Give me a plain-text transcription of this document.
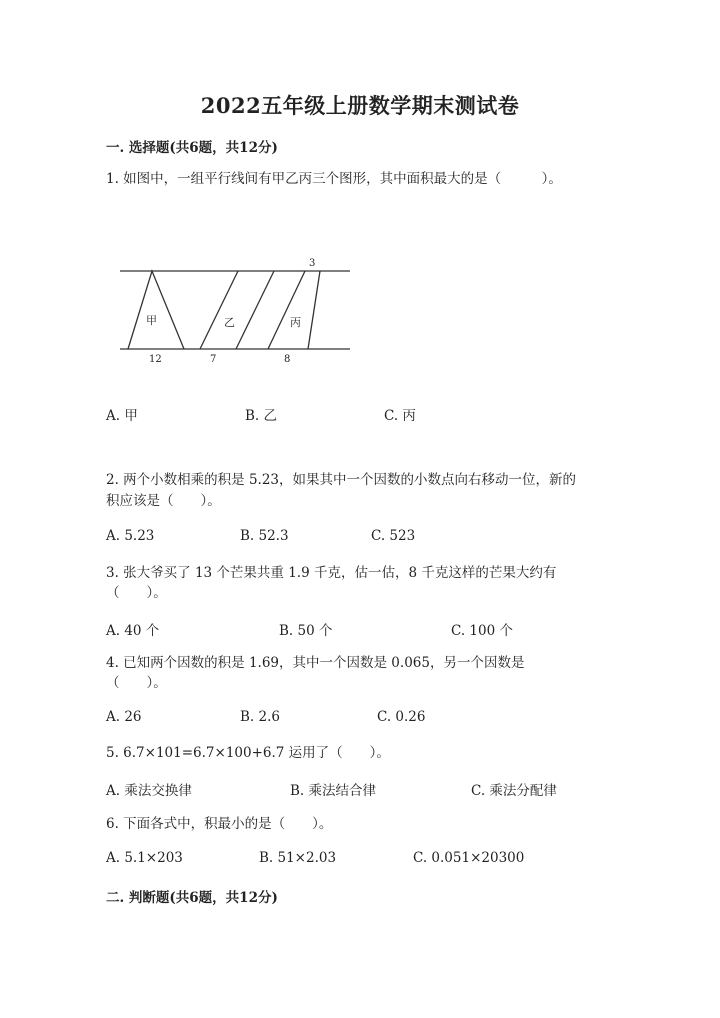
2022五年级上册数学期末测试卷
一. 选择题(共6题，共12分)
1. 如图中，一组平行线间有甲乙丙三个图形，其中面积最大的是（　　　）。
甲	乙	丙
3
12	7	8
A. 甲	B. 乙	C. 丙
2. 两个小数相乘的积是 5.23，如果其中一个因数的小数点向右移动一位，新的
积应该是（　　）。
A. 5.23	B. 52.3	C. 523
3. 张大爷买了 13 个芒果共重 1.9 千克，估一估，8 千克这样的芒果大约有
（　　）。
A. 40 个	B. 50 个	C. 100 个
4. 已知两个因数的积是 1.69，其中一个因数是 0.065，另一个因数是
（　　）。
A. 26	B. 2.6	C. 0.26
5. 6.7×101=6.7×100+6.7 运用了（　　）。
A. 乘法交换律	B. 乘法结合律	C. 乘法分配律
6. 下面各式中，积最小的是（　　）。
A. 5.1×203	B. 51×2.03	C. 0.051×20300
二. 判断题(共6题，共12分)
